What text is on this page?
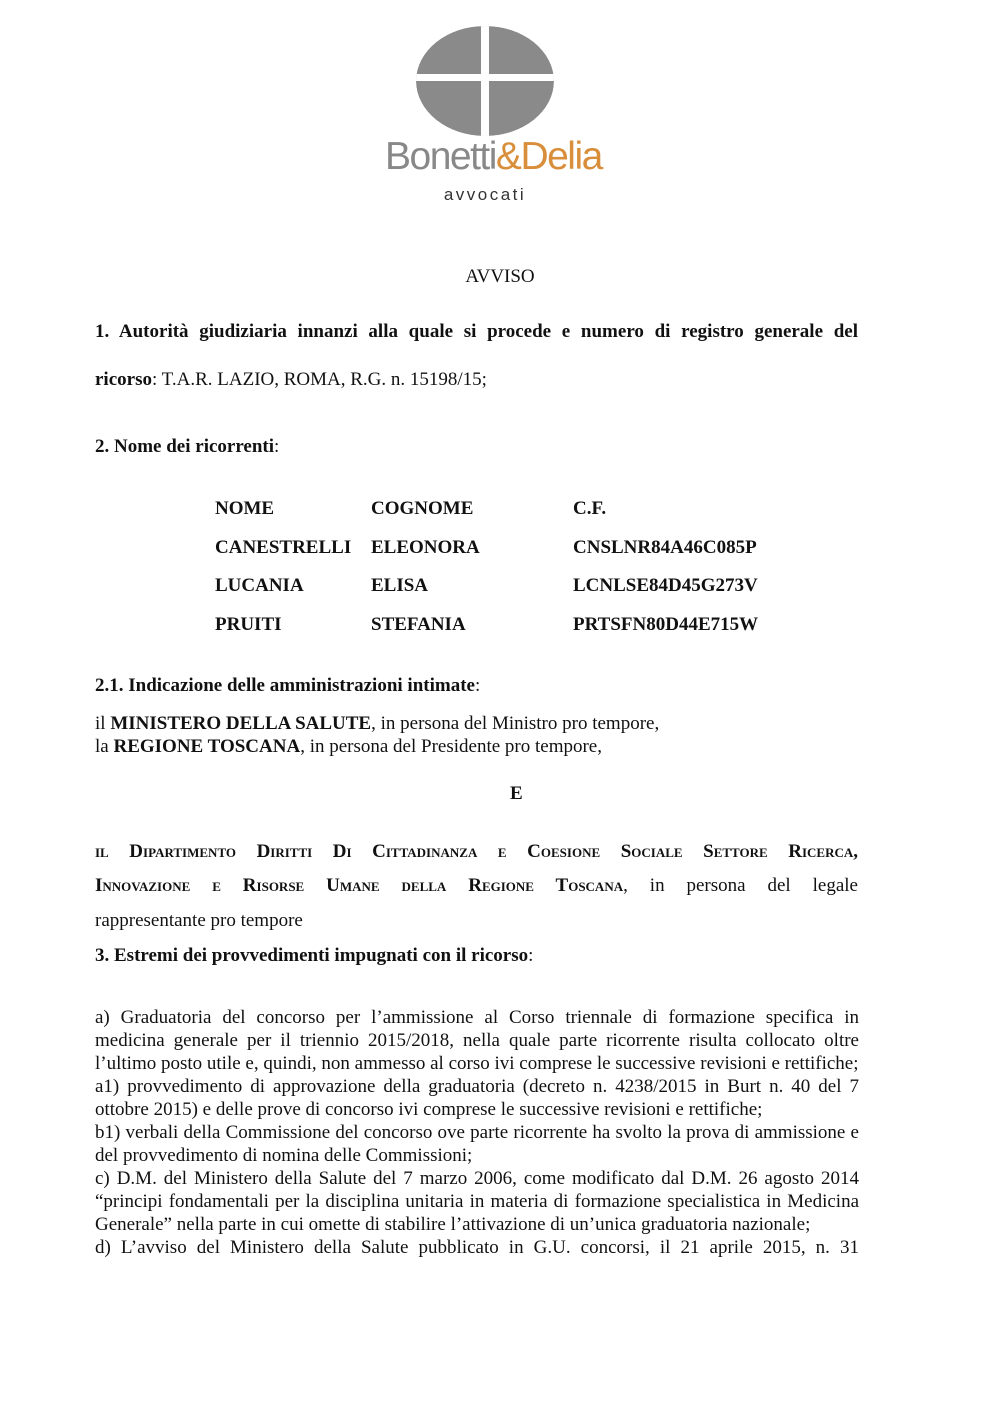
Bonetti&Delia
avvocati
AVVISO
1. Autorità giudiziaria innanzi alla quale si procede e numero di registro generale del
ricorso: T.A.R. LAZIO, ROMA, R.G. n. 15198/15;
2. Nome dei ricorrenti:
NOME	COGNOME	C.F.
CANESTRELLI	ELEONORA	CNSLNR84A46C085P
LUCANIA	ELISA	LCNLSE84D45G273V
PRUITI	STEFANIA	PRTSFN80D44E715W
2.1. Indicazione delle amministrazioni intimate:
il MINISTERO DELLA SALUTE, in persona del Ministro pro tempore,
la REGIONE TOSCANA, in persona del Presidente pro tempore,
E
il Dipartimento Diritti Di Cittadinanza e Coesione Sociale Settore Ricerca,
Innovazione e Risorse Umane della Regione Toscana, in persona del legale
rappresentante pro tempore
3. Estremi dei provvedimenti impugnati con il ricorso:

a) Graduatoria del concorso per l’ammissione al Corso triennale di formazione specifica in medicina generale per il triennio 2015/2018, nella quale parte ricorrente risulta collocato oltre l’ultimo posto utile e, quindi, non ammesso al corso ivi comprese le successive revisioni e rettifiche;

a1) provvedimento di approvazione della graduatoria (decreto n. 4238/2015 in Burt n. 40 del 7 ottobre 2015) e delle prove di concorso ivi comprese le successive revisioni e rettifiche;

b1) verbali della Commissione del concorso ove parte ricorrente ha svolto la prova di ammissione e del provvedimento di nomina delle Commissioni;

c) D.M. del Ministero della Salute del 7 marzo 2006, come modificato dal D.M. 26 agosto 2014 “principi fondamentali per la disciplina unitaria in materia di formazione specialistica in Medicina Generale” nella parte in cui omette di stabilire l’attivazione di un’unica graduatoria nazionale;

d) L’avviso del Ministero della Salute pubblicato in G.U. concorsi, il 21 aprile 2015, n. 31
